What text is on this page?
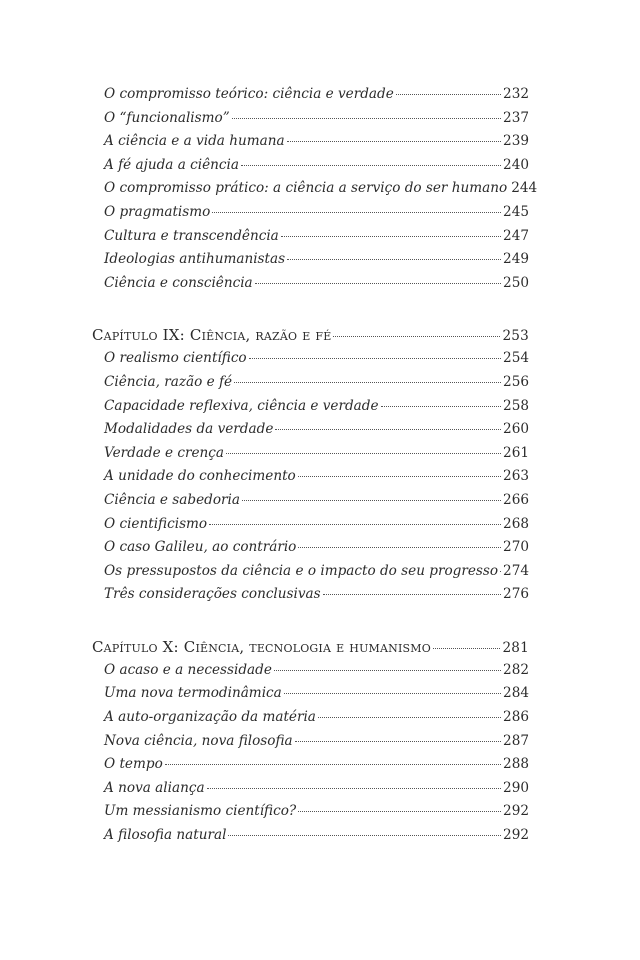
O compromisso teórico: ciência e verdade	232
O “funcionalismo”	237
A ciência e a vida humana	239
A fé ajuda a ciência	240
O compromisso prático: a ciência a serviço do ser humano 244
O pragmatismo	245
Cultura e transcendência	247
Ideologias antihumanistas	249
Ciência e consciência	250
Capítulo IX: Ciência, razão e fé	253
O realismo científico	254
Ciência, razão e fé	256
Capacidade reflexiva, ciência e verdade	258
Modalidades da verdade	260
Verdade e crença	261
A unidade do conhecimento	263
Ciência e sabedoria	266
O cientificismo	268
O caso Galileu, ao contrário	270
Os pressupostos da ciência e o impacto do seu progresso 274
Três considerações conclusivas	276
Capítulo X: Ciência, tecnologia e humanismo	281
O acaso e a necessidade	282
Uma nova termodinâmica	284
A auto-organização da matéria	286
Nova ciência, nova filosofia	287
O tempo	288
A nova aliança	290
Um messianismo científico?	292
A filosofia natural	292
